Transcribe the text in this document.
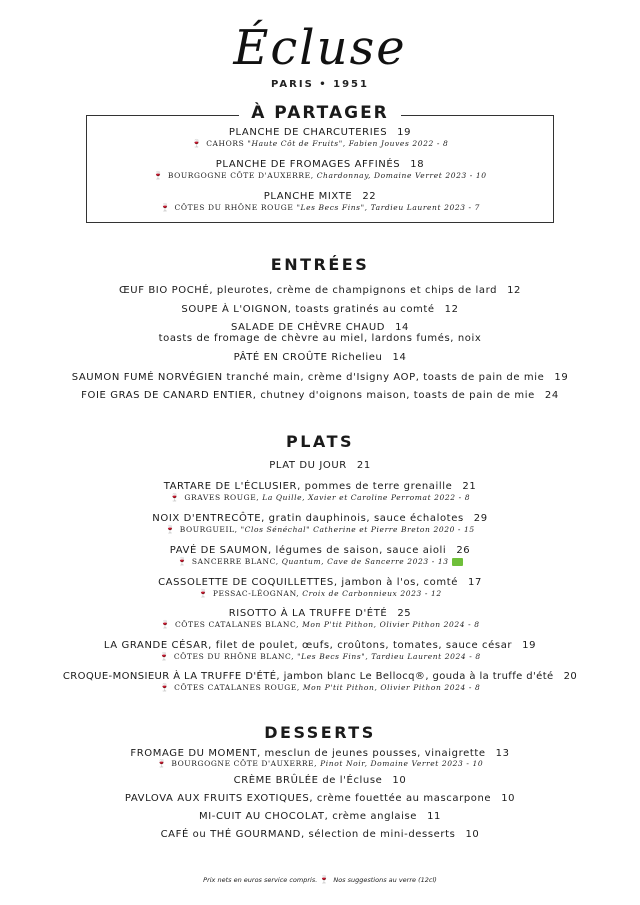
Écluse
PARIS • 1951
À PARTAGER
PLANCHE DE CHARCUTERIES 19
🍷 CAHORS "Haute Côt de Fruits", Fabien Jouves 2022 - 8
PLANCHE DE FROMAGES AFFINÉS 18
🍷 BOURGOGNE CÔTE D'AUXERRE, Chardonnay, Domaine Verret 2023 - 10
PLANCHE MIXTE 22
🍷 CÔTES DU RHÔNE ROUGE "Les Becs Fins", Tardieu Laurent 2023 - 7
ENTRÉES
ŒUF BIO POCHÉ, pleurotes, crème de champignons et chips de lard 12
SOUPE À L'OIGNON, toasts gratinés au comté 12
SALADE DE CHÈVRE CHAUD 14
toasts de fromage de chèvre au miel, lardons fumés, noix
PÂTÉ EN CROÛTE Richelieu 14
SAUMON FUMÉ NORVÉGIEN tranché main, crème d'Isigny AOP, toasts de pain de mie 19
FOIE GRAS DE CANARD ENTIER, chutney d'oignons maison, toasts de pain de mie 24
PLATS
PLAT DU JOUR 21
TARTARE DE L'ÉCLUSIER, pommes de terre grenaille 21
🍷 GRAVES ROUGE, La Quille, Xavier et Caroline Perromat 2022 - 8
NOIX D'ENTRECÔTE, gratin dauphinois, sauce échalotes 29
🍷 BOURGUEIL, "Clos Sénéchal" Catherine et Pierre Breton 2020 - 15
PAVÉ DE SAUMON, légumes de saison, sauce aioli 26
🍷 SANCERRE BLANC, Quantum, Cave de Sancerre 2023 - 13
CASSOLETTE DE COQUILLETTES, jambon à l'os, comté 17
🍷 PESSAC-LÉOGNAN, Croix de Carbonnieux 2023 - 12
RISOTTO À LA TRUFFE D'ÉTÉ 25
🍷 CÔTES CATALANES BLANC, Mon P'tit Pithon, Olivier Pithon 2024 - 8
LA GRANDE CÉSAR, filet de poulet, œufs, croûtons, tomates, sauce césar 19
🍷 CÔTES DU RHÔNE BLANC, "Les Becs Fins", Tardieu Laurent 2024 - 8
CROQUE-MONSIEUR À LA TRUFFE D'ÉTÉ, jambon blanc Le Bellocq®, gouda à la truffe d'été 20
🍷 CÔTES CATALANES ROUGE, Mon P'tit Pithon, Olivier Pithon 2024 - 8
DESSERTS
FROMAGE DU MOMENT, mesclun de jeunes pousses, vinaigrette 13
🍷 BOURGOGNE CÔTE D'AUXERRE, Pinot Noir, Domaine Verret 2023 - 10
CRÈME BRÛLÉE de l'Écluse 10
PAVLOVA AUX FRUITS EXOTIQUES, crème fouettée au mascarpone 10
MI-CUIT AU CHOCOLAT, crème anglaise 11
CAFÉ ou THÉ GOURMAND, sélection de mini-desserts 10
Prix nets en euros service compris. 🍷 Nos suggestions au verre (12cl)
